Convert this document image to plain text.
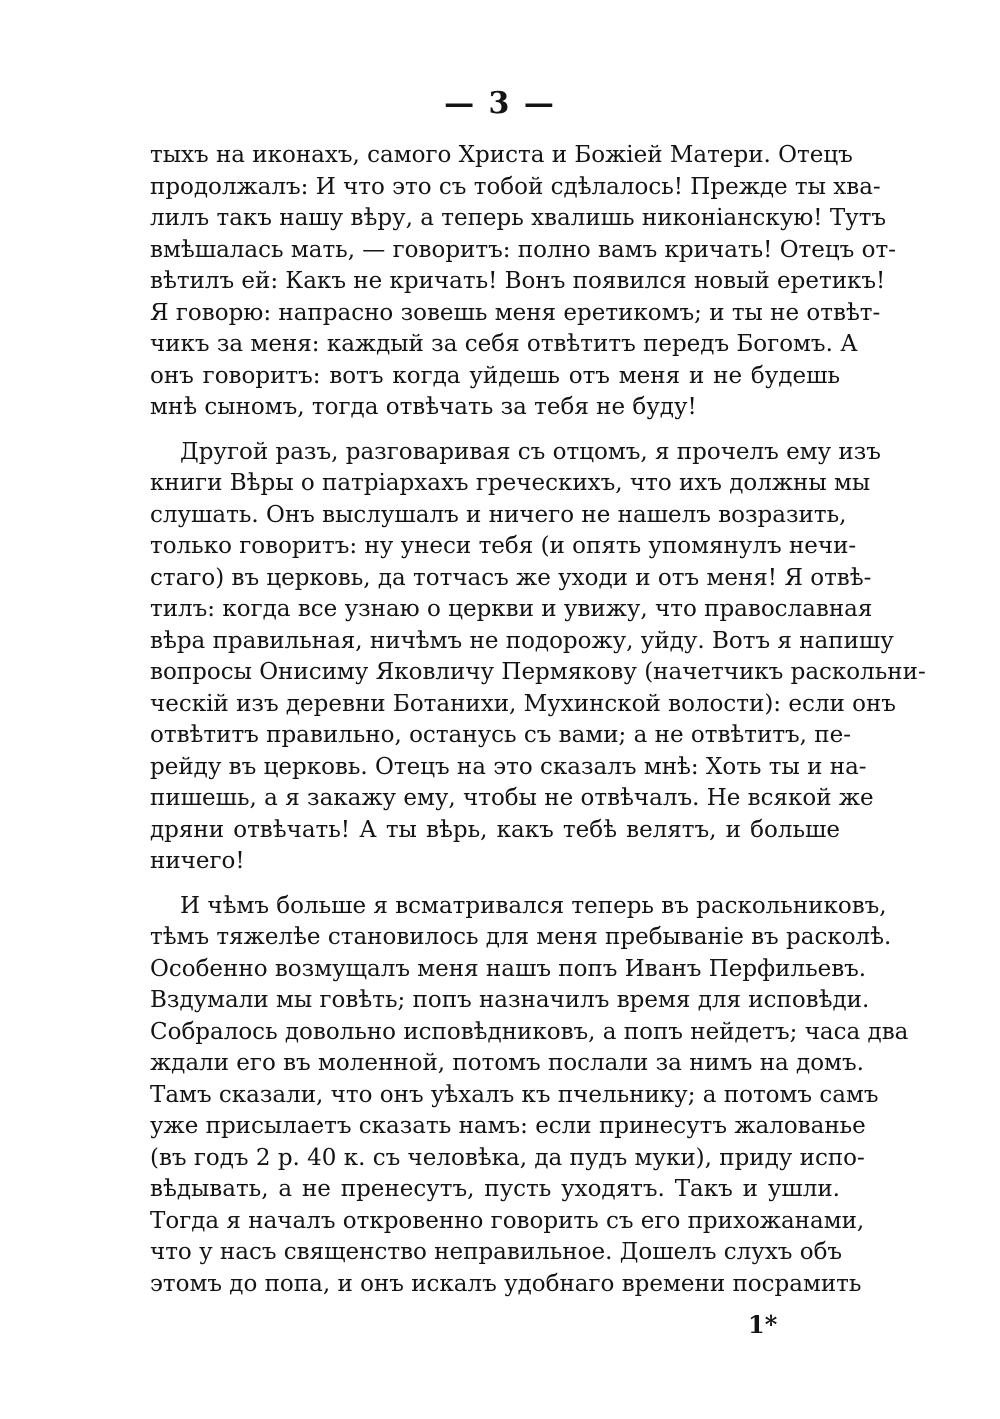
— 3 —
тыхъ на иконахъ, самого Христа и Божіей Матери. Отецъ
продолжалъ: И что это съ тобой сдѣлалось! Прежде ты хва-
лилъ такъ нашу вѣру, а теперь хвалишь никоніанскую! Тутъ
вмѣшалась мать, — говоритъ: полно вамъ кричать! Отецъ от-
вѣтилъ ей: Какъ не кричать! Вонъ появился новый еретикъ!
Я говорю: напрасно зовешь меня еретикомъ; и ты не отвѣт-
чикъ за меня: каждый за себя отвѣтитъ передъ Богомъ. А
онъ говоритъ: вотъ когда уйдешь отъ меня и не будешь
мнѣ сыномъ, тогда отвѣчать за тебя не буду!
Другой разъ, разговаривая съ отцомъ, я прочелъ ему изъ
книги Вѣры о патріархахъ греческихъ, что ихъ должны мы
слушать. Онъ выслушалъ и ничего не нашелъ возразить,
только говоритъ: ну унеси тебя (и опять упомянулъ нечи-
стаго) въ церковь, да тотчасъ же уходи и отъ меня! Я отвѣ-
тилъ: когда все узнаю о церкви и увижу, что православная
вѣра правильная, ничѣмъ не подорожу, уйду. Вотъ я напишу
вопросы Онисиму Яковличу Пермякову (начетчикъ раскольни-
ческій изъ деревни Ботанихи, Мухинской волости): если онъ
отвѣтитъ правильно, останусь съ вами; а не отвѣтитъ, пе-
рейду въ церковь. Отецъ на это сказалъ мнѣ: Хоть ты и на-
пишешь, а я закажу ему, чтобы не отвѣчалъ. Не всякой же
дряни отвѣчать! А ты вѣрь, какъ тебѣ велятъ, и больше
ничего!
И чѣмъ больше я всматривался теперь въ раскольниковъ,
тѣмъ тяжелѣе становилось для меня пребываніе въ расколѣ.
Особенно возмущалъ меня нашъ попъ Иванъ Перфильевъ.
Вздумали мы говѣть; попъ назначилъ время для исповѣди.
Собралось довольно исповѣдниковъ, а попъ нейдетъ; часа два
ждали его въ моленной, потомъ послали за нимъ на домъ.
Тамъ сказали, что онъ уѣхалъ къ пчельнику; а потомъ самъ
уже присылаетъ сказать намъ: если принесутъ жалованье
(въ годъ 2 р. 40 к. съ человѣка, да пудъ муки), приду испо-
вѣдывать, а не пренесутъ, пусть уходятъ. Такъ и ушли.
Тогда я началъ откровенно говорить съ его прихожанами,
что у насъ священство неправильное. Дошелъ слухъ объ
этомъ до попа, и онъ искалъ удобнаго времени посрамить
1*
